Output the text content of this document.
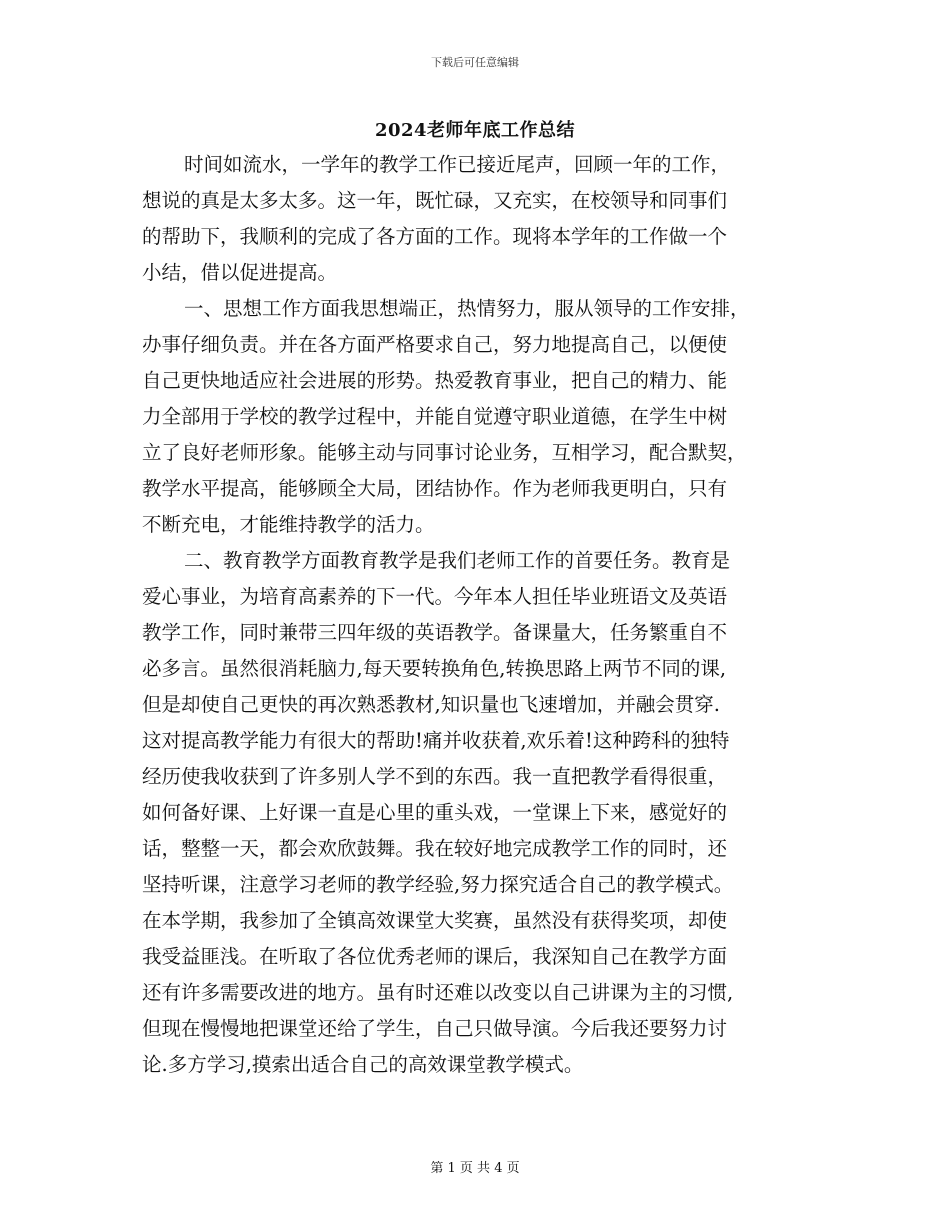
下载后可任意编辑
2024老师年底工作总结
时间如流水，一学年的教学工作已接近尾声，回顾一年的工作，
想说的真是太多太多。这一年，既忙碌，又充实，在校领导和同事们
的帮助下，我顺利的完成了各方面的工作。现将本学年的工作做一个
小结，借以促进提高。
一、思想工作方面我思想端正，热情努力，服从领导的工作安排，
办事仔细负责。并在各方面严格要求自己，努力地提高自己，以便使
自己更快地适应社会进展的形势。热爱教育事业，把自己的精力、能
力全部用于学校的教学过程中，并能自觉遵守职业道德，在学生中树
立了良好老师形象。能够主动与同事讨论业务，互相学习，配合默契，
教学水平提高，能够顾全大局，团结协作。作为老师我更明白，只有
不断充电，才能维持教学的活力。
二、教育教学方面教育教学是我们老师工作的首要任务。教育是
爱心事业，为培育高素养的下一代。今年本人担任毕业班语文及英语
教学工作，同时兼带三四年级的英语教学。备课量大，任务繁重自不
必多言。虽然很消耗脑力,每天要转换角色,转换思路上两节不同的课,
但是却使自己更快的再次熟悉教材,知识量也飞速增加，并融会贯穿.
这对提高教学能力有很大的帮助!痛并收获着,欢乐着!这种跨科的独特
经历使我收获到了许多别人学不到的东西。我一直把教学看得很重，
如何备好课、上好课一直是心里的重头戏，一堂课上下来，感觉好的
话，整整一天，都会欢欣鼓舞。我在较好地完成教学工作的同时，还
坚持听课，注意学习老师的教学经验,努力探究适合自己的教学模式。
在本学期，我参加了全镇高效课堂大奖赛，虽然没有获得奖项，却使
我受益匪浅。在听取了各位优秀老师的课后，我深知自己在教学方面
还有许多需要改进的地方。虽有时还难以改变以自己讲课为主的习惯,
但现在慢慢地把课堂还给了学生，自己只做导演。今后我还要努力讨
论.多方学习,摸索出适合自己的高效课堂教学模式。
第 1 页 共 4 页
